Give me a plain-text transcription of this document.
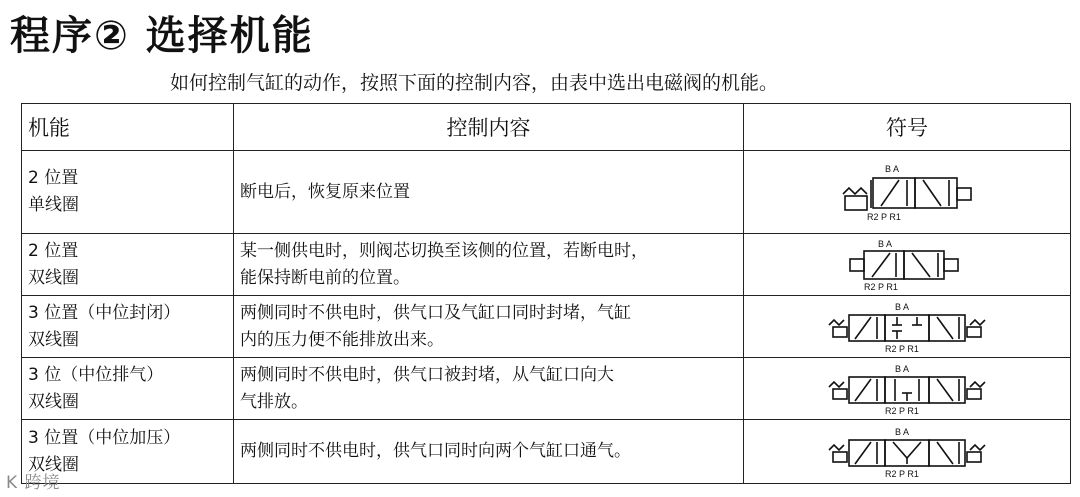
程序② 选择机能
如何控制气缸的动作，按照下面的控制内容，由表中选出电磁阀的机能。
机能	控制内容	符号

2 位置
单线圈	断电后，恢复原来位置	B A
R2 P R1

2 位置
双线圈	某一侧供电时，则阀芯切换至该侧的位置，若断电时，
能保持断电前的位置。	B A
R2 P R1

3 位置（中位封闭）
双线圈	两侧同时不供电时，供气口及气缸口同时封堵，气缸
内的压力便不能排放出来。	B A
R2 P R1

3 位（中位排气）
双线圈	两侧同时不供电时，供气口被封堵，从气缸口向大
气排放。	B A
R2 P R1

3 位置（中位加压）
双线圈	两侧同时不供电时，供气口同时向两个气缸口通气。	B A
R2 P R1
K 跨境
